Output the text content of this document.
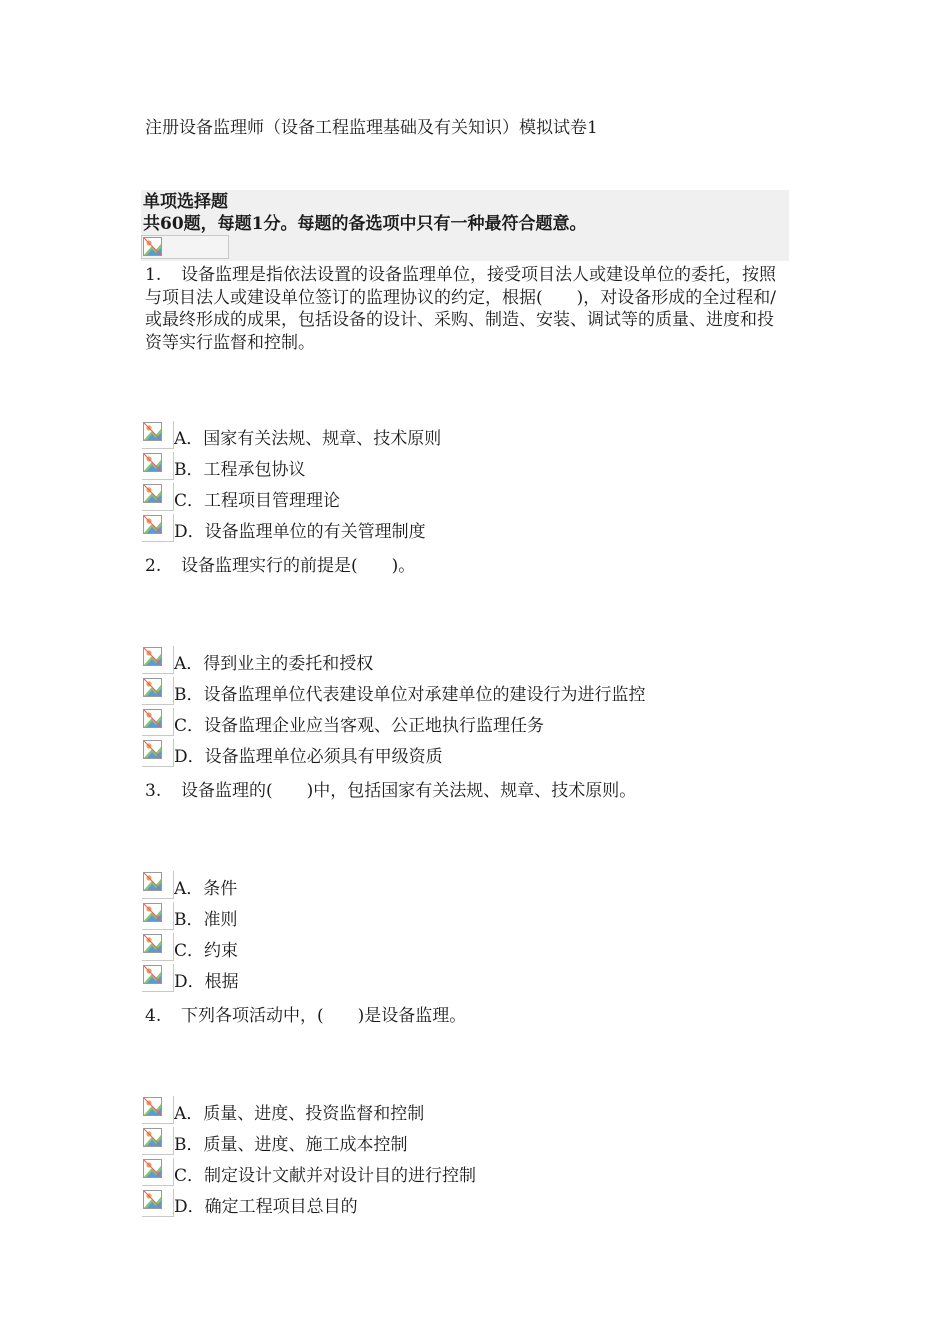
注册设备监理师（设备工程监理基础及有关知识）模拟试卷1
单项选择题
共60题，每题1分。每题的备选项中只有一种最符合题意。
1. 设备监理是指依法设置的设备监理单位，接受项目法人或建设单位的委托，按照与项目法人或建设单位签订的监理协议的约定，根据(　　)，对设备形成的全过程和/或最终形成的成果，包括设备的设计、采购、制造、安装、调试等的质量、进度和投资等实行监督和控制。
A．国家有关法规、规章、技术原则
B．工程承包协议
C．工程项目管理理论
D．设备监理单位的有关管理制度
2. 设备监理实行的前提是(　　)。
A．得到业主的委托和授权
B．设备监理单位代表建设单位对承建单位的建设行为进行监控
C．设备监理企业应当客观、公正地执行监理任务
D．设备监理单位必须具有甲级资质
3. 设备监理的(　　)中，包括国家有关法规、规章、技术原则。
A．条件
B．准则
C．约束
D．根据
4. 下列各项活动中，(　　)是设备监理。
A．质量、进度、投资监督和控制
B．质量、进度、施工成本控制
C．制定设计文献并对设计目的进行控制
D．确定工程项目总目的
